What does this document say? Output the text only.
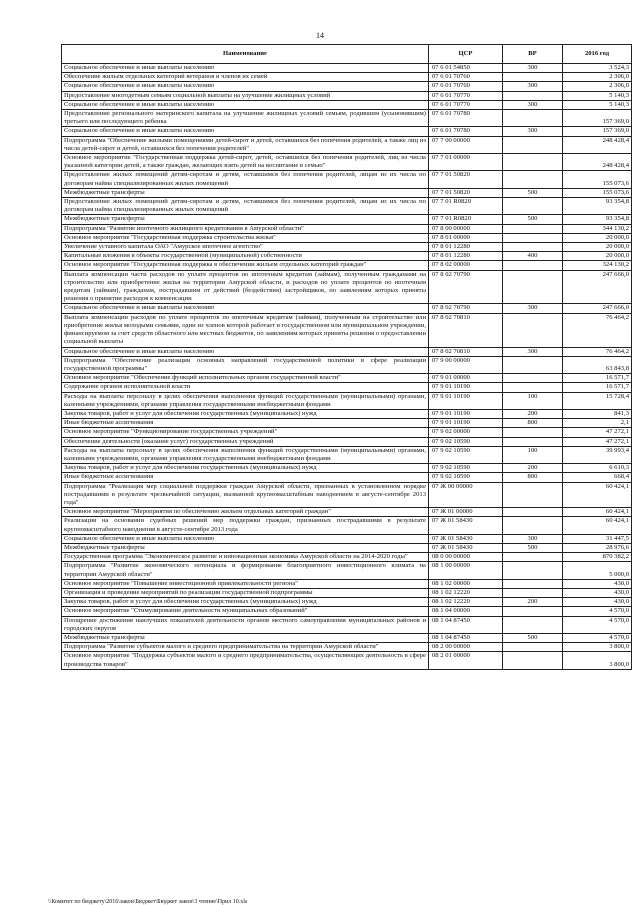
14
Наименование	ЦСР	ВР	2016 год
Социальное обеспечение и иные выплаты населению	07 6 01 54850	300	3 524,3
Обеспечение жильем отдельных категорий ветеранов и членов их семей	07 6 01 70760		2 306,0
Социальное обеспечение и иные выплаты населению	07 6 01 70760	300	2 306,0
Предоставление многодетным семьям социальной выплаты на улучшение жилищных условий	07 6 01 70770		5 140,3
Социальное обеспечение и иные выплаты населению	07 6 01 70770	300	5 140,3
Предоставление регионального материнского капитала на улучшение жилищных условий семьям, родившим (усыновившим) третьего или последующего ребенка	07 6 01 70780		157 369,0
Социальное обеспечение и иные выплаты населению	07 6 01 70780	300	157 369,0
Подпрограмма "Обеспечение жилыми помещениями детей-сирот и детей, оставшихся без попечения родителей, а также лиц из числа детей-сирот и детей, оставшихся без попечения родителей"	07 7 00 00000		248 428,4
Основное мероприятие "Государственная поддержка детей-сирот, детей, оставшихся без попечения родителей, лиц из числа указанной категории детей, а также граждан, желающих взять детей на воспитание в семью"	07 7 01 00000		248 428,4
Предоставление жилых помещений детям-сиротам и детям, оставшимся без попечения родителей, лицам из их числа по договорам найма специализированных жилых помещений	07 7 01 50820		155 073,6
Межбюджетные трансферты	07 7 01 50820	500	155 073,6
Предоставление жилых помещений детям-сиротам и детям, оставшимся без попечения родителей, лицам из их числа по договорам найма специализированных жилых помещений	07 7 01 R0820		93 354,8
Межбюджетные трансферты	07 7 01 R0820	500	93 354,8
Подпрограмма "Развитие ипотечного жилищного кредитования в Амурской области"	07 8 00 00000		344 130,2
Основное мероприятие "Государственная поддержка строительства жилья"	07 8 01 00000		20 000,0
Увеличение уставного капитала ОАО "Амурское ипотечное агентство"	07 8 01 12280		20 000,0
Капитальные вложения в объекты государственной (муниципальной) собственности	07 8 01 12280	400	20 000,0
Основное мероприятие "Государственная поддержка в обеспечении жильем отдельных категорий граждан"	07 8 02 00000		324 130,2
Выплата компенсации части расходов по уплате процентов по ипотечным кредитам (займам), полученным гражданами на строительство или приобретение жилья на территории Амурской области, и расходов по уплате процентов по ипотечным кредитам (займам), гражданам, пострадавшим от действий (бездействия) застройщиков, по заявлениям которых приняты решения о принятии расходов к компенсации	07 8 02 70790		247 666,0
Социальное обеспечение и иные выплаты населению	07 8 02 70790	300	247 666,0
Выплата компенсации расходов по уплате процентов по ипотечным кредитам (займам), полученным на строительство или приобретение жилья молодыми семьями, один из членов которой работает в государственном или муниципальном учреждении, финансируемом за счет средств областного или местных бюджетов, по заявлениям которых приняты решения о предоставлении социальной выплаты	07 8 02 70810		76 464,2
Социальное обеспечение и иные выплаты населению	07 8 02 70810	300	76 464,2
Подпрограмма "Обеспечение реализации основных направлений государственной политики в сфере реализации государственной программы"	07 9 00 00000		63 843,8
Основное мероприятие "Обеспечение функций исполнительных органов государственной власти"	07 9 01 00000		16 571,7
Содержание органов исполнительной власти	07 9 01 10190		16 571,7
Расходы на выплаты персоналу в целях обеспечения выполнения функций государственными (муниципальными) органами, казенными учреждениями, органами управления государственными внебюджетными фондами	07 9 01 10190	100	15 728,4
Закупка товаров, работ и услуг для обеспечения государственных (муниципальных) нужд	07 9 01 10190	200	841,3
Иные бюджетные ассигнования	07 9 01 10190	800	2,1
Основное мероприятие "Функционирование государственных учреждений"	07 9 02 00000		47 272,1
Обеспечение деятельности (оказание услуг) государственных учреждений	07 9 02 10590		47 272,1
Расходы на выплаты персоналу в целях обеспечения выполнения функций государственными (муниципальными) органами, казенными учреждениями, органами управления государственными внебюджетными фондами	07 9 02 10590	100	39 993,4
Закупка товаров, работ и услуг для обеспечения государственных (муниципальных) нужд	07 9 02 10590	200	6 610,3
Иные бюджетные ассигнования	07 9 02 10590	800	668,4
Подпрограмма "Реализация мер социальной поддержки граждан Амурской области, признанных в установленном порядке пострадавшими в результате чрезвычайной ситуации, вызванной крупномасштабным наводнением в августе-сентябре 2013 года"	07 Ж 00 00000		60 424,1
Основное мероприятие "Мероприятия по обеспечению жильем отдельных категорий граждан"	07 Ж 01 00000		60 424,1
Реализация на основании судебных решений мер поддержки граждан, признанных пострадавшими в результате крупномасштабного наводнения в августе-сентябре 2013 года	07 Ж 01 58430		60 424,1
Социальное обеспечение и иные выплаты населению	07 Ж 01 58430	300	31 447,5
Межбюджетные трансферты	07 Ж 01 58430	500	28 976,6
Государственная программа "Экономическое развитие и инновационная экономика Амурской области на 2014-2020 годы"	08 0 00 00000		870 382,2
Подпрограмма "Развитие экономического потенциала и формирование благоприятного инвестиционного климата на территории Амурской области"	08 1 00 00000		5 000,0
Основное мероприятие "Повышение инвестиционной привлекательности региона"	08 1 02 00000		430,0
Организация и проведение мероприятий по реализации государственной подпрограммы	08 1 02 12220		430,0
Закупка товаров, работ и услуг для обеспечения государственных (муниципальных) нужд	08 1 02 12220	200	430,0
Основное мероприятие "Стимулирование деятельности муниципальных образований"	08 1 04 00000		4 570,0
Поощрение достижения наилучших показателей деятельности органов местного самоуправления муниципальных районов и городских округов	08 1 04 87450		4 570,0
Межбюджетные трансферты	08 1 04 87450	500	4 570,0
Подпрограмма "Развитие субъектов малого и среднего предпринимательства на территории Амурской области"	08 2 00 00000		3 800,0
Основное мероприятие "Поддержка субъектов малого и среднего предпринимательства, осуществляющих деятельность в сфере производства товаров"	08 2 01 00000		3 800,0
\\Комитет по бюджету\2016\закон\Бюджет\Бюджет закон\3 чтение\Прил 10.xls
